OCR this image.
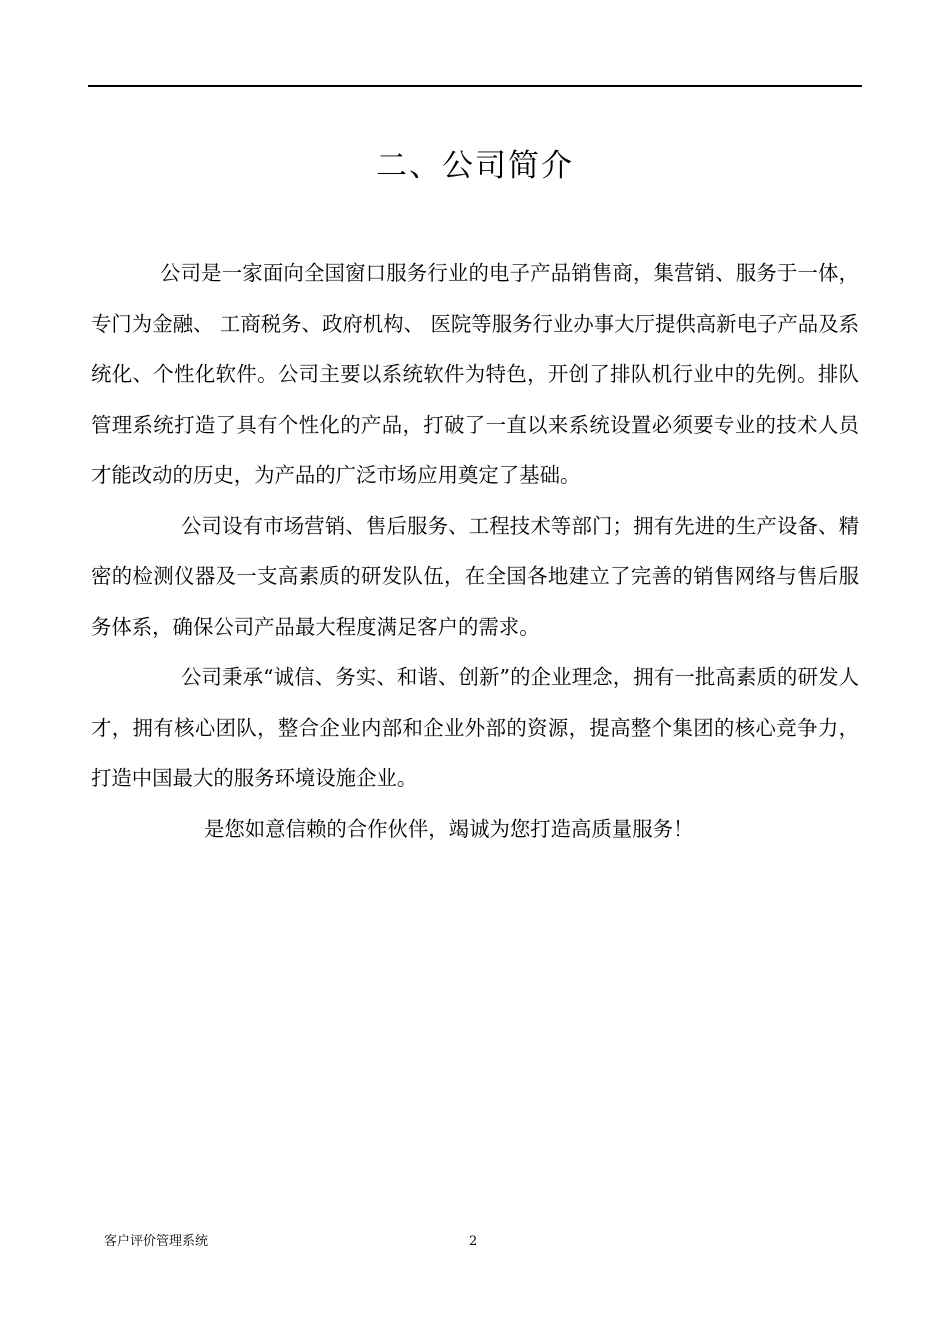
二、公司简介

公司是一家面向全国窗口服务行业的电子产品销售商，集营销、服务于一体，专门为金融、 工商税务、政府机构、 医院等服务行业办事大厅提供高新电子产品及系统化、个性化软件。公司主要以系统软件为特色，开创了排队机行业中的先例。排队管理系统打造了具有个性化的产品，打破了一直以来系统设置必须要专业的技术人员才能改动的历史，为产品的广泛市场应用奠定了基础。

公司设有市场营销、售后服务、工程技术等部门；拥有先进的生产设备、精密的检测仪器及一支高素质的研发队伍，在全国各地建立了完善的销售网络与售后服务体系，确保公司产品最大程度满足客户的需求。

公司秉承“诚信、务实、和谐、创新”的企业理念，拥有一批高素质的研发人才，拥有核心团队，整合企业内部和企业外部的资源，提高整个集团的核心竞争力，打造中国最大的服务环境设施企业。

是您如意信赖的合作伙伴，竭诚为您打造高质量服务！

客户评价管理系统	2
